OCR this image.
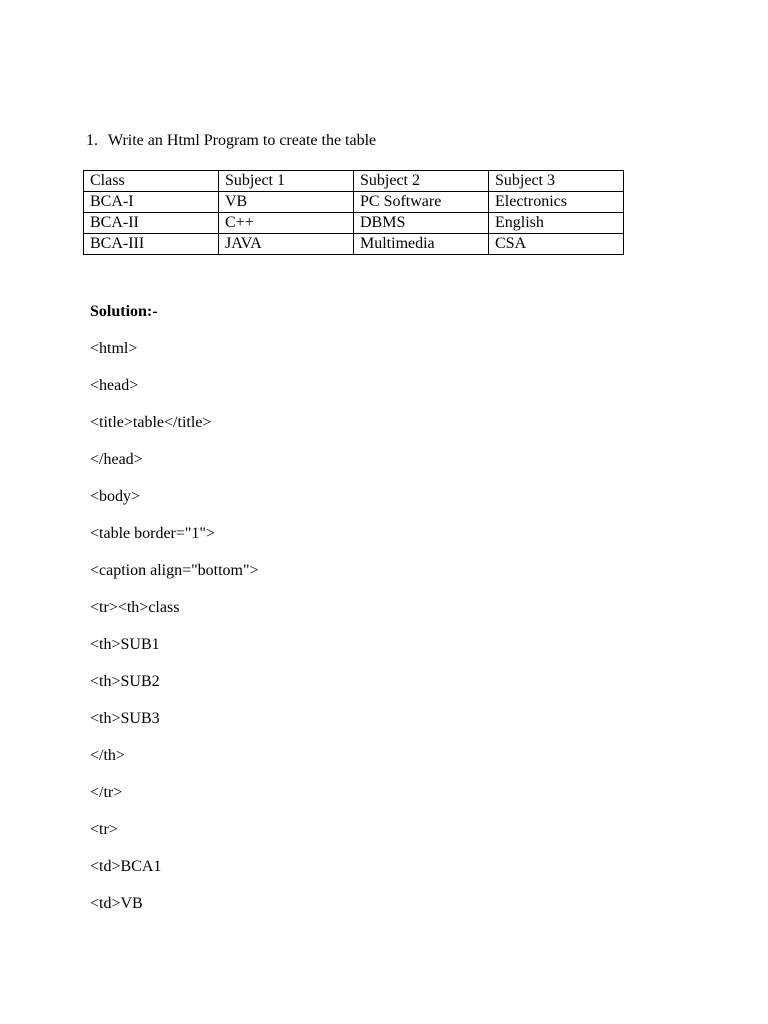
1. Write an Html Program to create the table
Class	Subject 1	Subject 2	Subject 3
BCA-I	VB	PC Software	Electronics
BCA-II	C++	DBMS	English
BCA-III	JAVA	Multimedia	CSA

Solution:-

<html>

<head>

<title>table</title>

</head>

<body>

<table border="1">

<caption align="bottom">

<tr><th>class

<th>SUB1

<th>SUB2

<th>SUB3

</th>

</tr>

<tr>

<td>BCA1

<td>VB
